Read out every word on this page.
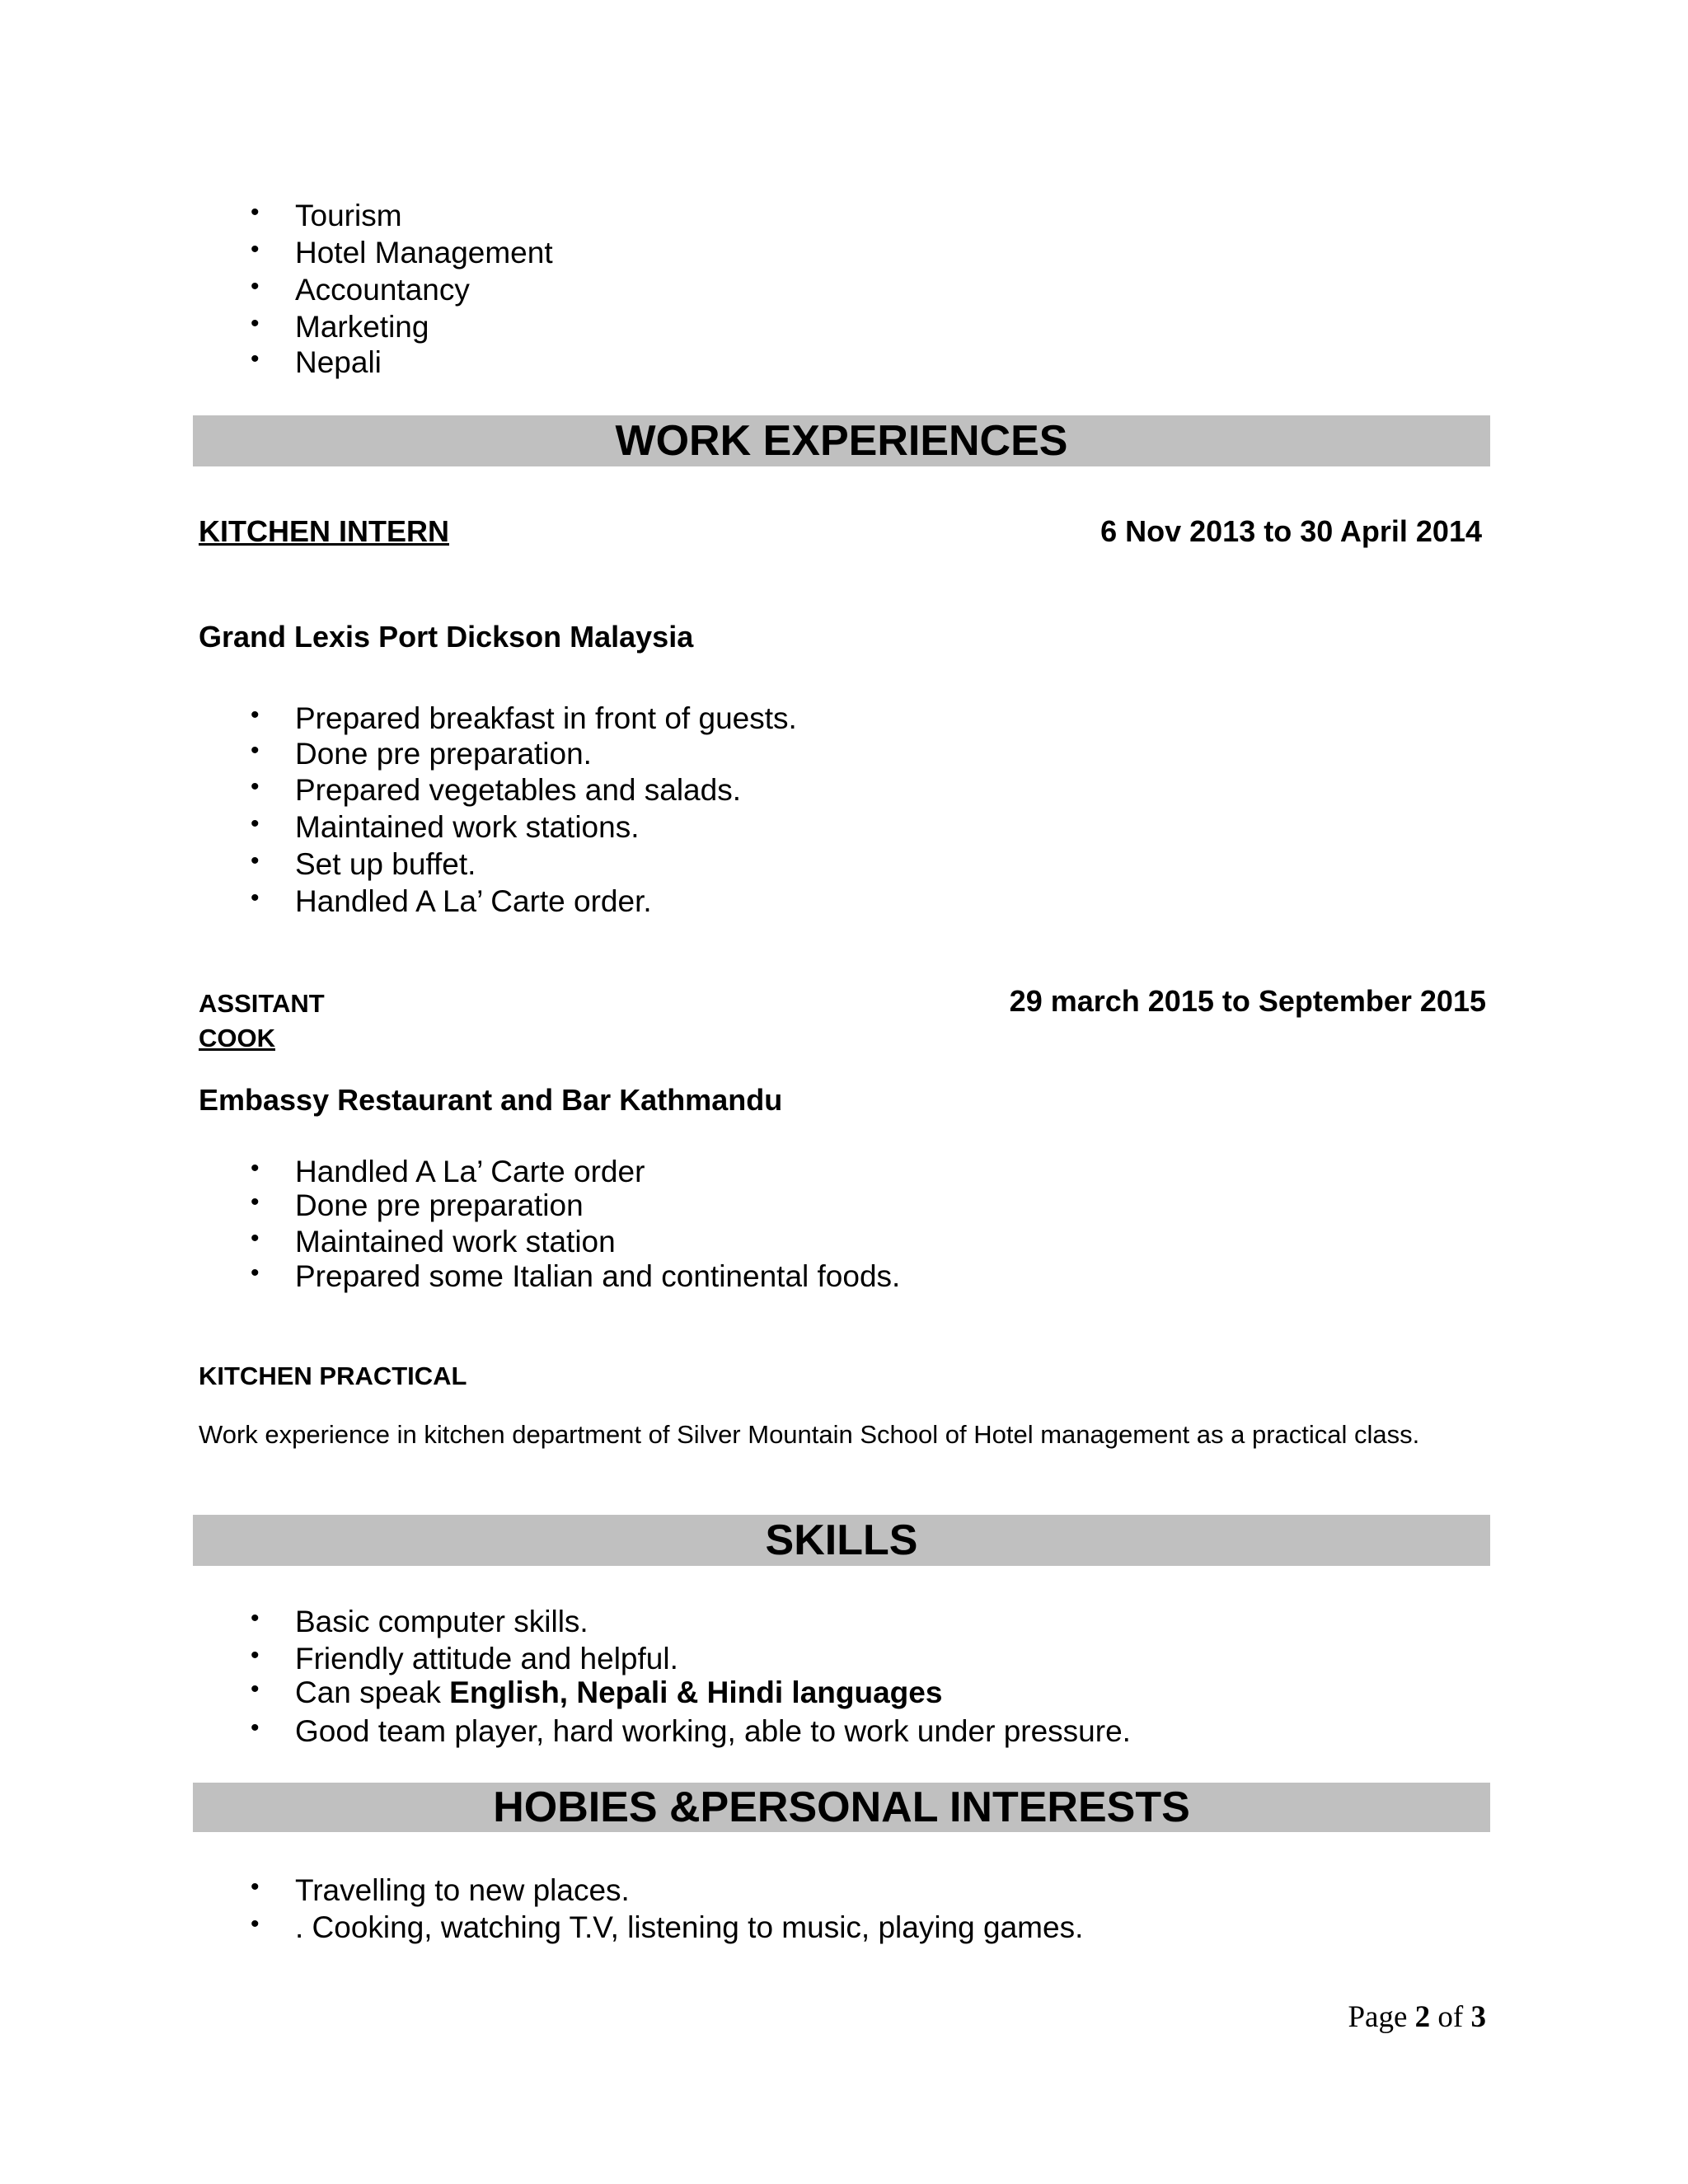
• Tourism
• Hotel Management
• Accountancy
• Marketing
• Nepali
WORK EXPERIENCES
KITCHEN INTERN	6 Nov 2013 to 30 April 2014
Grand Lexis Port Dickson Malaysia
• Prepared breakfast in front of guests.
• Done pre preparation.
• Prepared vegetables and salads.
• Maintained work stations.
• Set up buffet.
• Handled A La’ Carte order.
ASSITANT
COOK
29 march 2015 to September 2015
Embassy Restaurant and Bar Kathmandu
• Handled A La’ Carte order
• Done pre preparation
• Maintained work station
• Prepared some Italian and continental foods.
KITCHEN PRACTICAL
Work experience in kitchen department of Silver Mountain School of Hotel management as a practical class.
SKILLS
• Basic computer skills.
• Friendly attitude and helpful.
• Can speak English, Nepali & Hindi languages
• Good team player, hard working, able to work under pressure.
HOBIES &PERSONAL INTERESTS
• Travelling to new places.
• . Cooking, watching T.V, listening to music, playing games.
Page 2 of 3
